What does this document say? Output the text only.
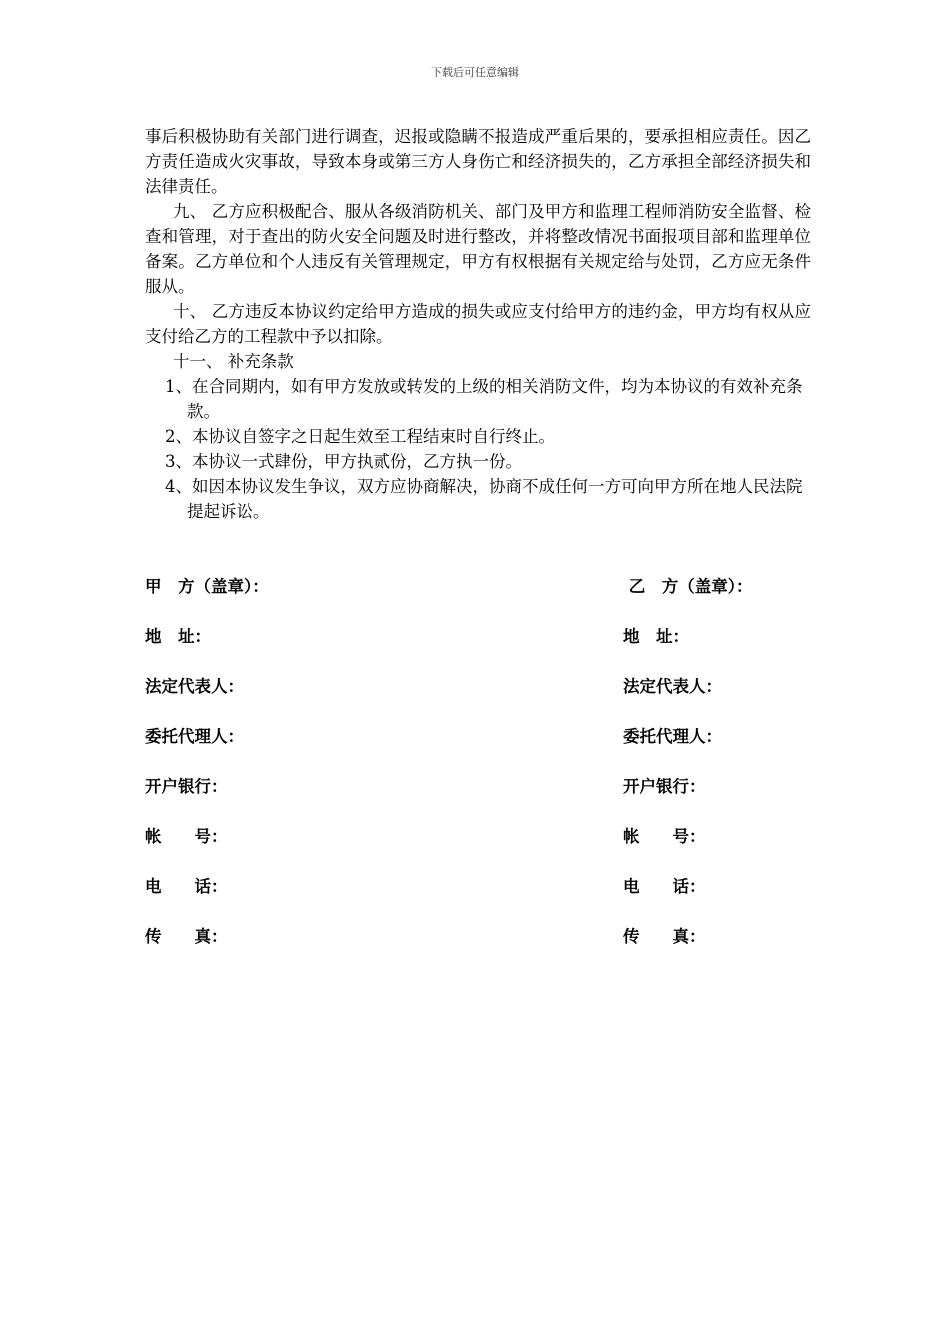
下载后可任意编辑

事后积极协助有关部门进行调查，迟报或隐瞒不报造成严重后果的，要承担相应责任。因乙方责任造成火灾事故，导致本身或第三方人身伤亡和经济损失的，乙方承担全部经济损失和法律责任。

九、 乙方应积极配合、服从各级消防机关、部门及甲方和监理工程师消防安全监督、检查和管理，对于查出的防火安全问题及时进行整改，并将整改情况书面报项目部和监理单位备案。乙方单位和个人违反有关管理规定，甲方有权根据有关规定给与处罚，乙方应无条件服从。

十、 乙方违反本协议约定给甲方造成的损失或应支付给甲方的违约金，甲方均有权从应支付给乙方的工程款中予以扣除。

十一、 补充条款

1、在合同期内，如有甲方发放或转发的上级的相关消防文件，均为本协议的有效补充条款。

2、本协议自签字之日起生效至工程结束时自行终止。

3、本协议一式肆份，甲方执贰份，乙方执一份。

4、如因本协议发生争议，双方应协商解决，协商不成任何一方可向甲方所在地人民法院提起诉讼。

甲　方（盖章）：
地　址：
法定代表人：
委托代理人：
开户银行：
帐　　号：
电　　话：
传　　真：
乙　方（盖章）：
地　址：
法定代表人：
委托代理人：
开户银行：
帐　　号：
电　　话：
传　　真：
